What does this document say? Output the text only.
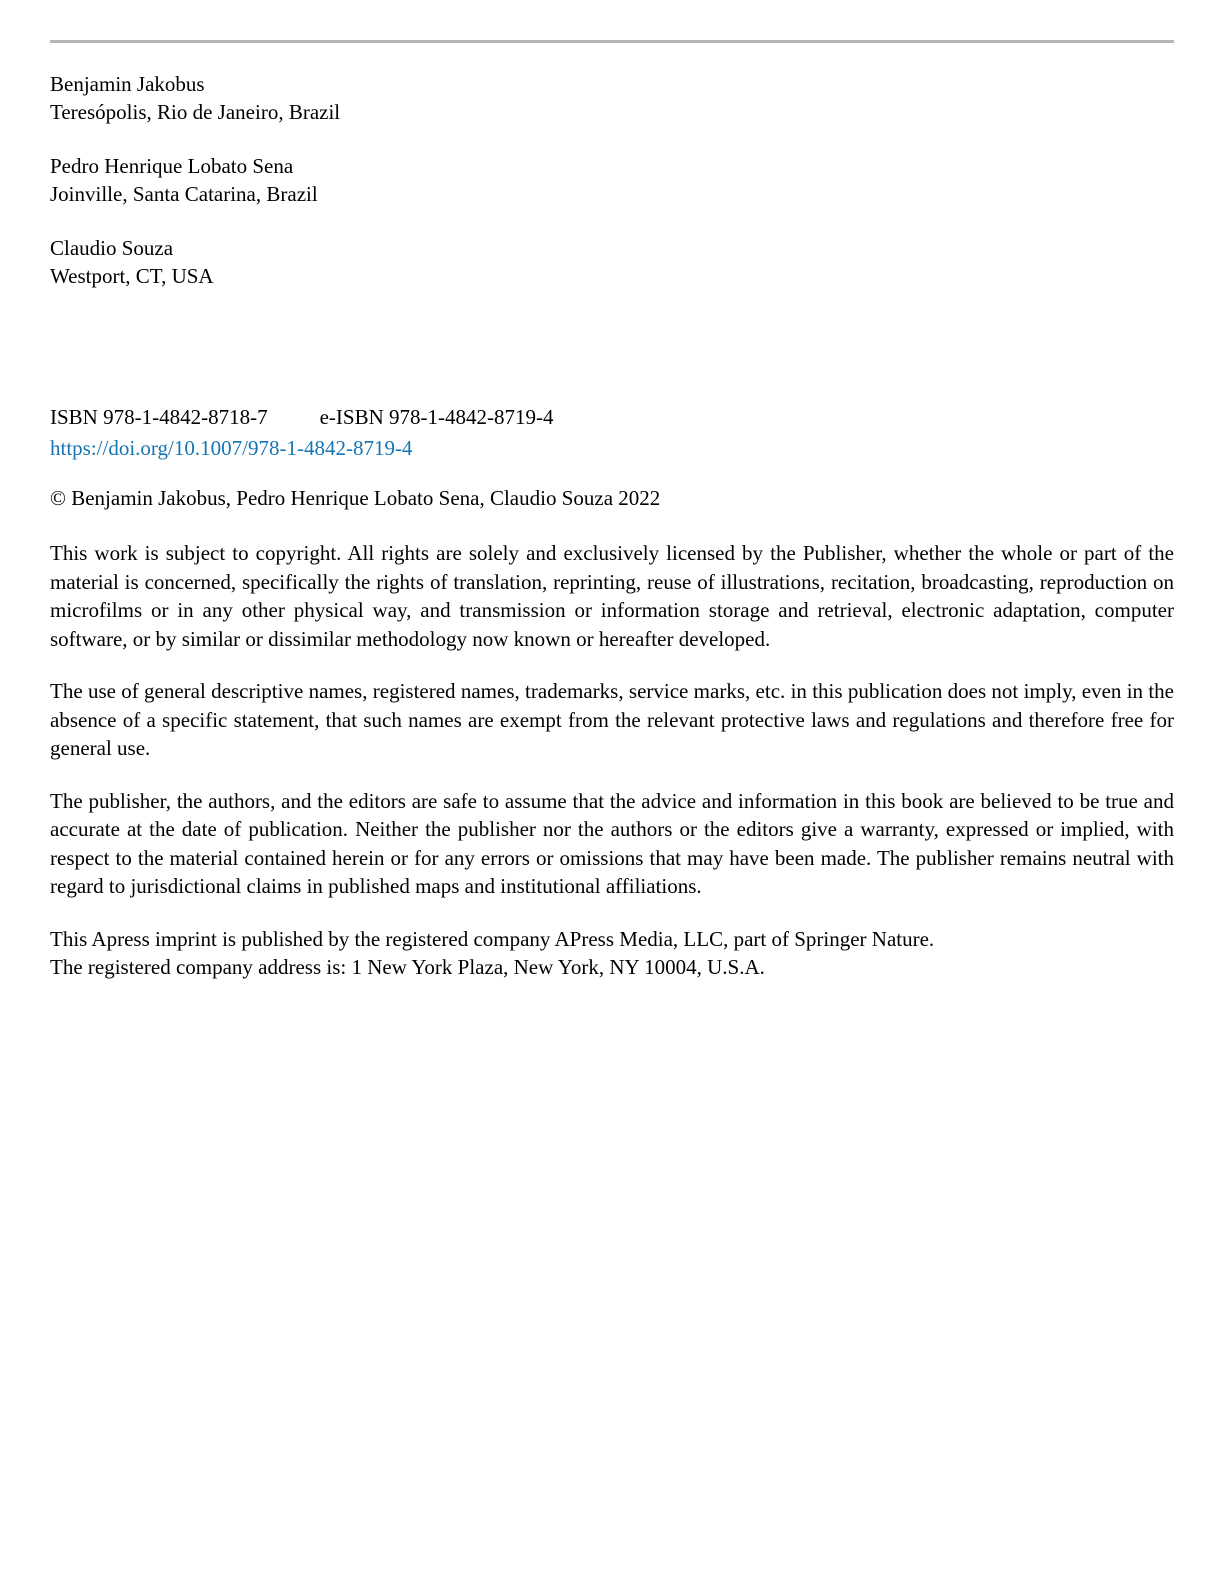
Benjamin Jakobus
Teresópolis, Rio de Janeiro, Brazil
Pedro Henrique Lobato Sena
Joinville, Santa Catarina, Brazil
Claudio Souza
Westport, CT, USA
ISBN 978-1-4842-8718-7 e-ISBN 978-1-4842-8719-4
https://doi.org/10.1007/978-1-4842-8719-4
© Benjamin Jakobus, Pedro Henrique Lobato Sena, Claudio Souza 2022

This work is subject to copyright. All rights are solely and exclusively licensed by the Publisher, whether the whole or part of the material is concerned, specifically the rights of translation, reprinting, reuse of illustrations, recitation, broadcasting, reproduction on microfilms or in any other physical way, and transmission or information storage and retrieval, electronic adaptation, computer software, or by similar or dissimilar methodology now known or hereafter developed.

The use of general descriptive names, registered names, trademarks, service marks, etc. in this publication does not imply, even in the absence of a specific statement, that such names are exempt from the relevant protective laws and regulations and therefore free for general use.

The publisher, the authors, and the editors are safe to assume that the advice and information in this book are believed to be true and accurate at the date of publication. Neither the publisher nor the authors or the editors give a warranty, expressed or implied, with respect to the material contained herein or for any errors or omissions that may have been made. The publisher remains neutral with regard to jurisdictional claims in published maps and institutional affiliations.

This Apress imprint is published by the registered company APress Media, LLC, part of Springer Nature.
The registered company address is: 1 New York Plaza, New York, NY 10004, U.S.A.
